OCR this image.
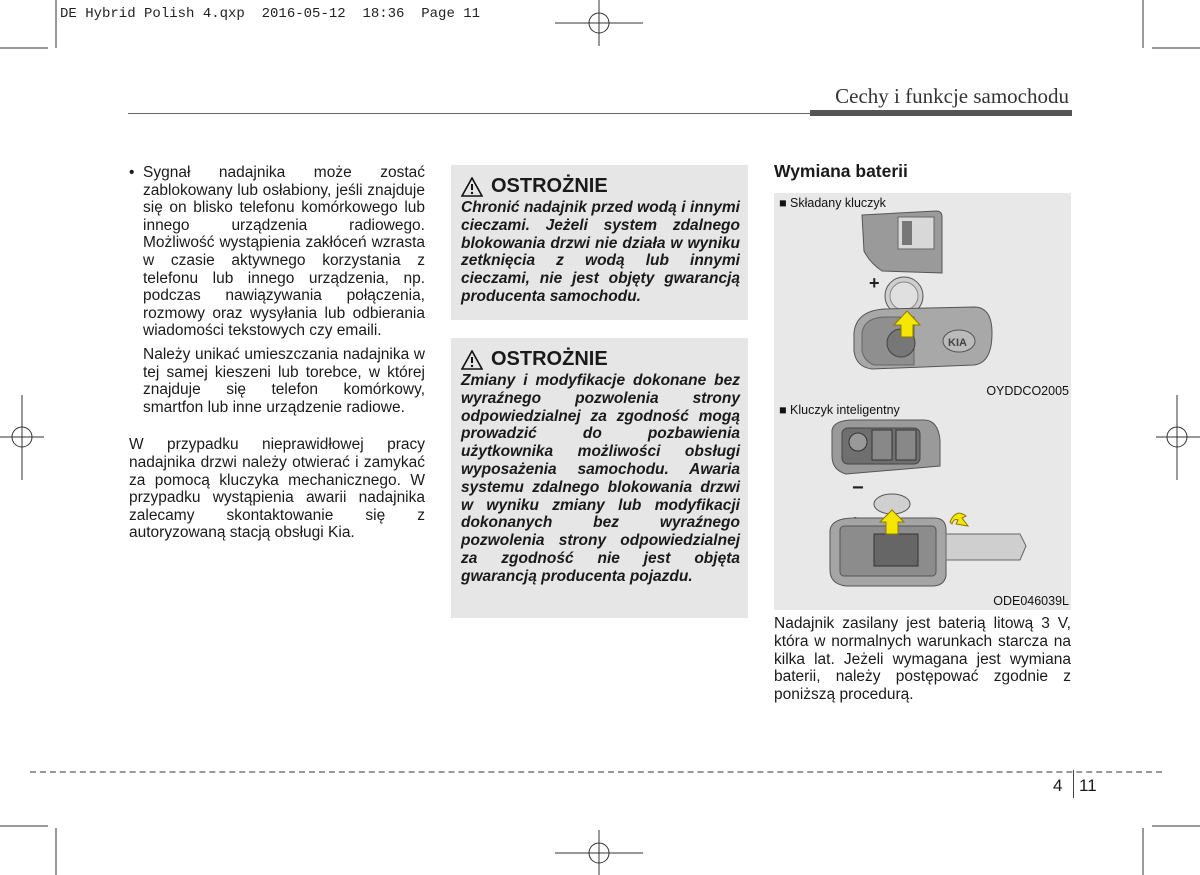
DE Hybrid Polish 4.qxp  2016-05-12  18:36  Page 11
Cechy i funkcje samochodu
• Sygnał nadajnika może zostać zablokowany lub osłabiony, jeśli znajduje się on blisko telefonu komórkowego lub innego urządzenia radiowego. Możliwość wystąpienia zakłóceń wzrasta w czasie aktywnego korzystania z telefonu lub innego urządzenia, np. podczas nawiązywania połączenia, rozmowy oraz wysyłania lub odbierania wiadomości tekstowych czy emaili.

Należy unikać umieszczania nadajnika w tej samej kieszeni lub torebce, w której znajduje się telefon komórkowy, smartfon lub inne urządzenie radiowe.

W przypadku nieprawidłowej pracy nadajnika drzwi należy otwierać i zamykać za pomocą kluczyka mechanicznego. W przypadku wystąpienia awarii nadajnika zalecamy skontaktowanie się z autoryzowaną stacją obsługi Kia.

OSTROŻNIE
Chronić nadajnik przed wodą i innymi cieczami. Jeżeli system zdalnego blokowania drzwi nie działa w wyniku zetknięcia z wodą lub innymi cieczami, nie jest objęty gwarancją producenta samochodu.
OSTROŻNIE
Zmiany i modyfikacje dokonane bez wyraźnego pozwolenia strony odpowiedzialnej za zgodność mogą prowadzić do pozbawienia użytkownika możliwości obsługi wyposażenia samochodu. Awaria systemu zdalnego blokowania drzwi w wyniku zmiany lub modyfikacji dokonanych bez wyraźnego pozwolenia strony odpowiedzialnej za zgodność nie jest objęta gwarancją producenta pojazdu.
Wymiana baterii
■ Składany kluczyk
+
KIA
OYDDCO2005
■ Kluczyk inteligentny
−
ODE046039L
Nadajnik zasilany jest baterią litową 3 V, która w normalnych warunkach starcza na kilka lat. Jeżeli wymagana jest wymiana baterii, należy postępować zgodnie z poniższą procedurą.
4 11
